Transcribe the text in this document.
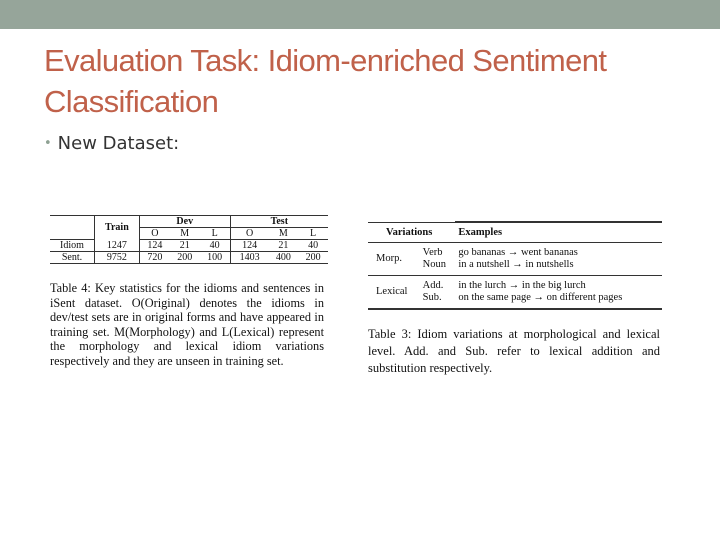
Evaluation Task: Idiom-enriched Sentiment Classification
• New Dataset:
	Train	Dev			Test		
		O	M	L	O	M	L
Idiom	1247	124	21	40	124	21	40
Sent.	9752	720	200	100	1403	400	200
Table 4: Key statistics for the idioms and sentences in iSent dataset. O(Original) denotes the idioms in dev/test sets are in original forms and have appeared in training set. M(Morphology) and L(Lexical) represent the morphology and lexical idiom variations respectively and they are unseen in training set.
Variations		Examples
Morp.	Verb	go bananas → went bananas
	Noun	in a nutshell → in nutshells
Lexical	Add.	in the lurch → in the big lurch
	Sub.	on the same page → on different pages
Table 3: Idiom variations at morphological and lexical level. Add. and Sub. refer to lexical addition and substitution respectively.
